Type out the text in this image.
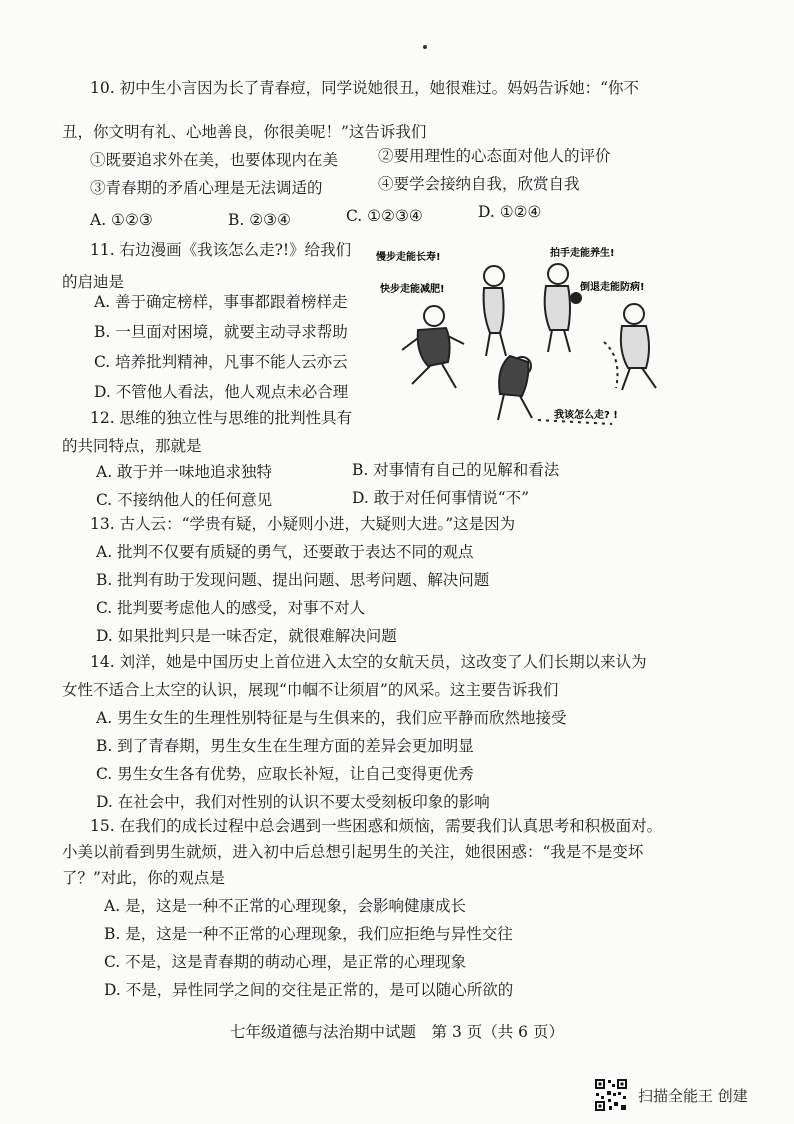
10. 初中生小言因为长了青春痘，同学说她很丑，她很难过。妈妈告诉她：“你不
丑，你文明有礼、心地善良，你很美呢！”这告诉我们
①既要追求外在美，也要体现内在美	②要用理性的心态面对他人的评价
③青春期的矛盾心理是无法调适的	④要学会接纳自我，欣赏自我
A. ①②③	B. ②③④	C. ①②③④	D. ①②④
11. 右边漫画《我该怎么走?!》给我们
的启迪是
A. 善于确定榜样，事事都跟着榜样走
B. 一旦面对困境，就要主动寻求帮助
C. 培养批判精神，凡事不能人云亦云
D. 不管他人看法，他人观点未必合理
慢步走能长寿!
快步走能减肥!
拍手走能养生!
倒退走能防病!
我该怎么走? !
12. 思维的独立性与思维的批判性具有
的共同特点，那就是
A. 敢于并一味地追求独特	B. 对事情有自己的见解和看法
C. 不接纳他人的任何意见	D. 敢于对任何事情说“不”
13. 古人云：“学贵有疑，小疑则小进，大疑则大进。”这是因为
A. 批判不仅要有质疑的勇气，还要敢于表达不同的观点
B. 批判有助于发现问题、提出问题、思考问题、解决问题
C. 批判要考虑他人的感受，对事不对人
D. 如果批判只是一味否定，就很难解决问题
14. 刘洋，她是中国历史上首位进入太空的女航天员，这改变了人们长期以来认为
女性不适合上太空的认识，展现“巾帼不让须眉”的风采。这主要告诉我们
A. 男生女生的生理性别特征是与生俱来的，我们应平静而欣然地接受
B. 到了青春期，男生女生在生理方面的差异会更加明显
C. 男生女生各有优势，应取长补短，让自己变得更优秀
D. 在社会中，我们对性别的认识不要太受刻板印象的影响
15. 在我们的成长过程中总会遇到一些困惑和烦恼，需要我们认真思考和积极面对。
小美以前看到男生就烦，进入初中后总想引起男生的关注，她很困惑：“我是不是变坏
了？”对此，你的观点是
A. 是，这是一种不正常的心理现象，会影响健康成长
B. 是，这是一种不正常的心理现象，我们应拒绝与异性交往
C. 不是，这是青春期的萌动心理，是正常的心理现象
D. 不是，异性同学之间的交往是正常的，是可以随心所欲的
七年级道德与法治期中试题　第 3 页（共 6 页）
扫描全能王 创建
